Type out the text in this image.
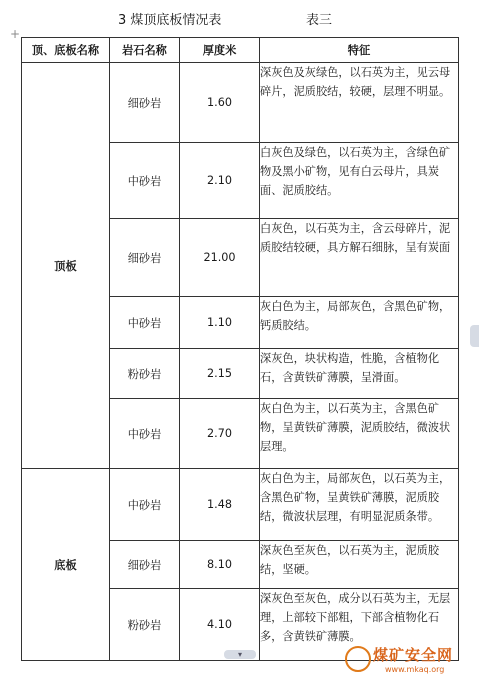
3 煤顶底板情况表	表三
+
顶、底板名称	岩石名称	厚度米	特征
顶板	细砂岩	1.60	深灰色及灰绿色，以石英为主，见云母碎片，泥质胶结，较硬，层理不明显。
	中砂岩	2.10	白灰色及绿色，以石英为主，含绿色矿物及黑小矿物，见有白云母片，具炭面、泥质胶结。
	细砂岩	21.00	白灰色，以石英为主，含云母碎片，泥质胶结较硬，具方解石细脉，呈有炭面
	中砂岩	1.10	灰白色为主，局部灰色，含黑色矿物，钙质胶结。
	粉砂岩	2.15	深灰色，块状构造，性脆，含植物化石，含黄铁矿薄膜，呈滑面。
	中砂岩	2.70	灰白色为主，以石英为主，含黑色矿物，呈黄铁矿薄膜，泥质胶结，微波状层理。
底板	中砂岩	1.48	灰白色为主，局部灰色，以石英为主，含黑色矿物，呈黄铁矿薄膜，泥质胶结，微波状层理，有明显泥质条带。
	细砂岩	8.10	深灰色至灰色，以石英为主，泥质胶结，坚硬。
	粉砂岩	4.10	深灰色至灰色，成分以石英为主，无层理，上部较下部粗，下部含植物化石多，含黄铁矿薄膜。
▾	煤矿安全网
www.mkaq.org
